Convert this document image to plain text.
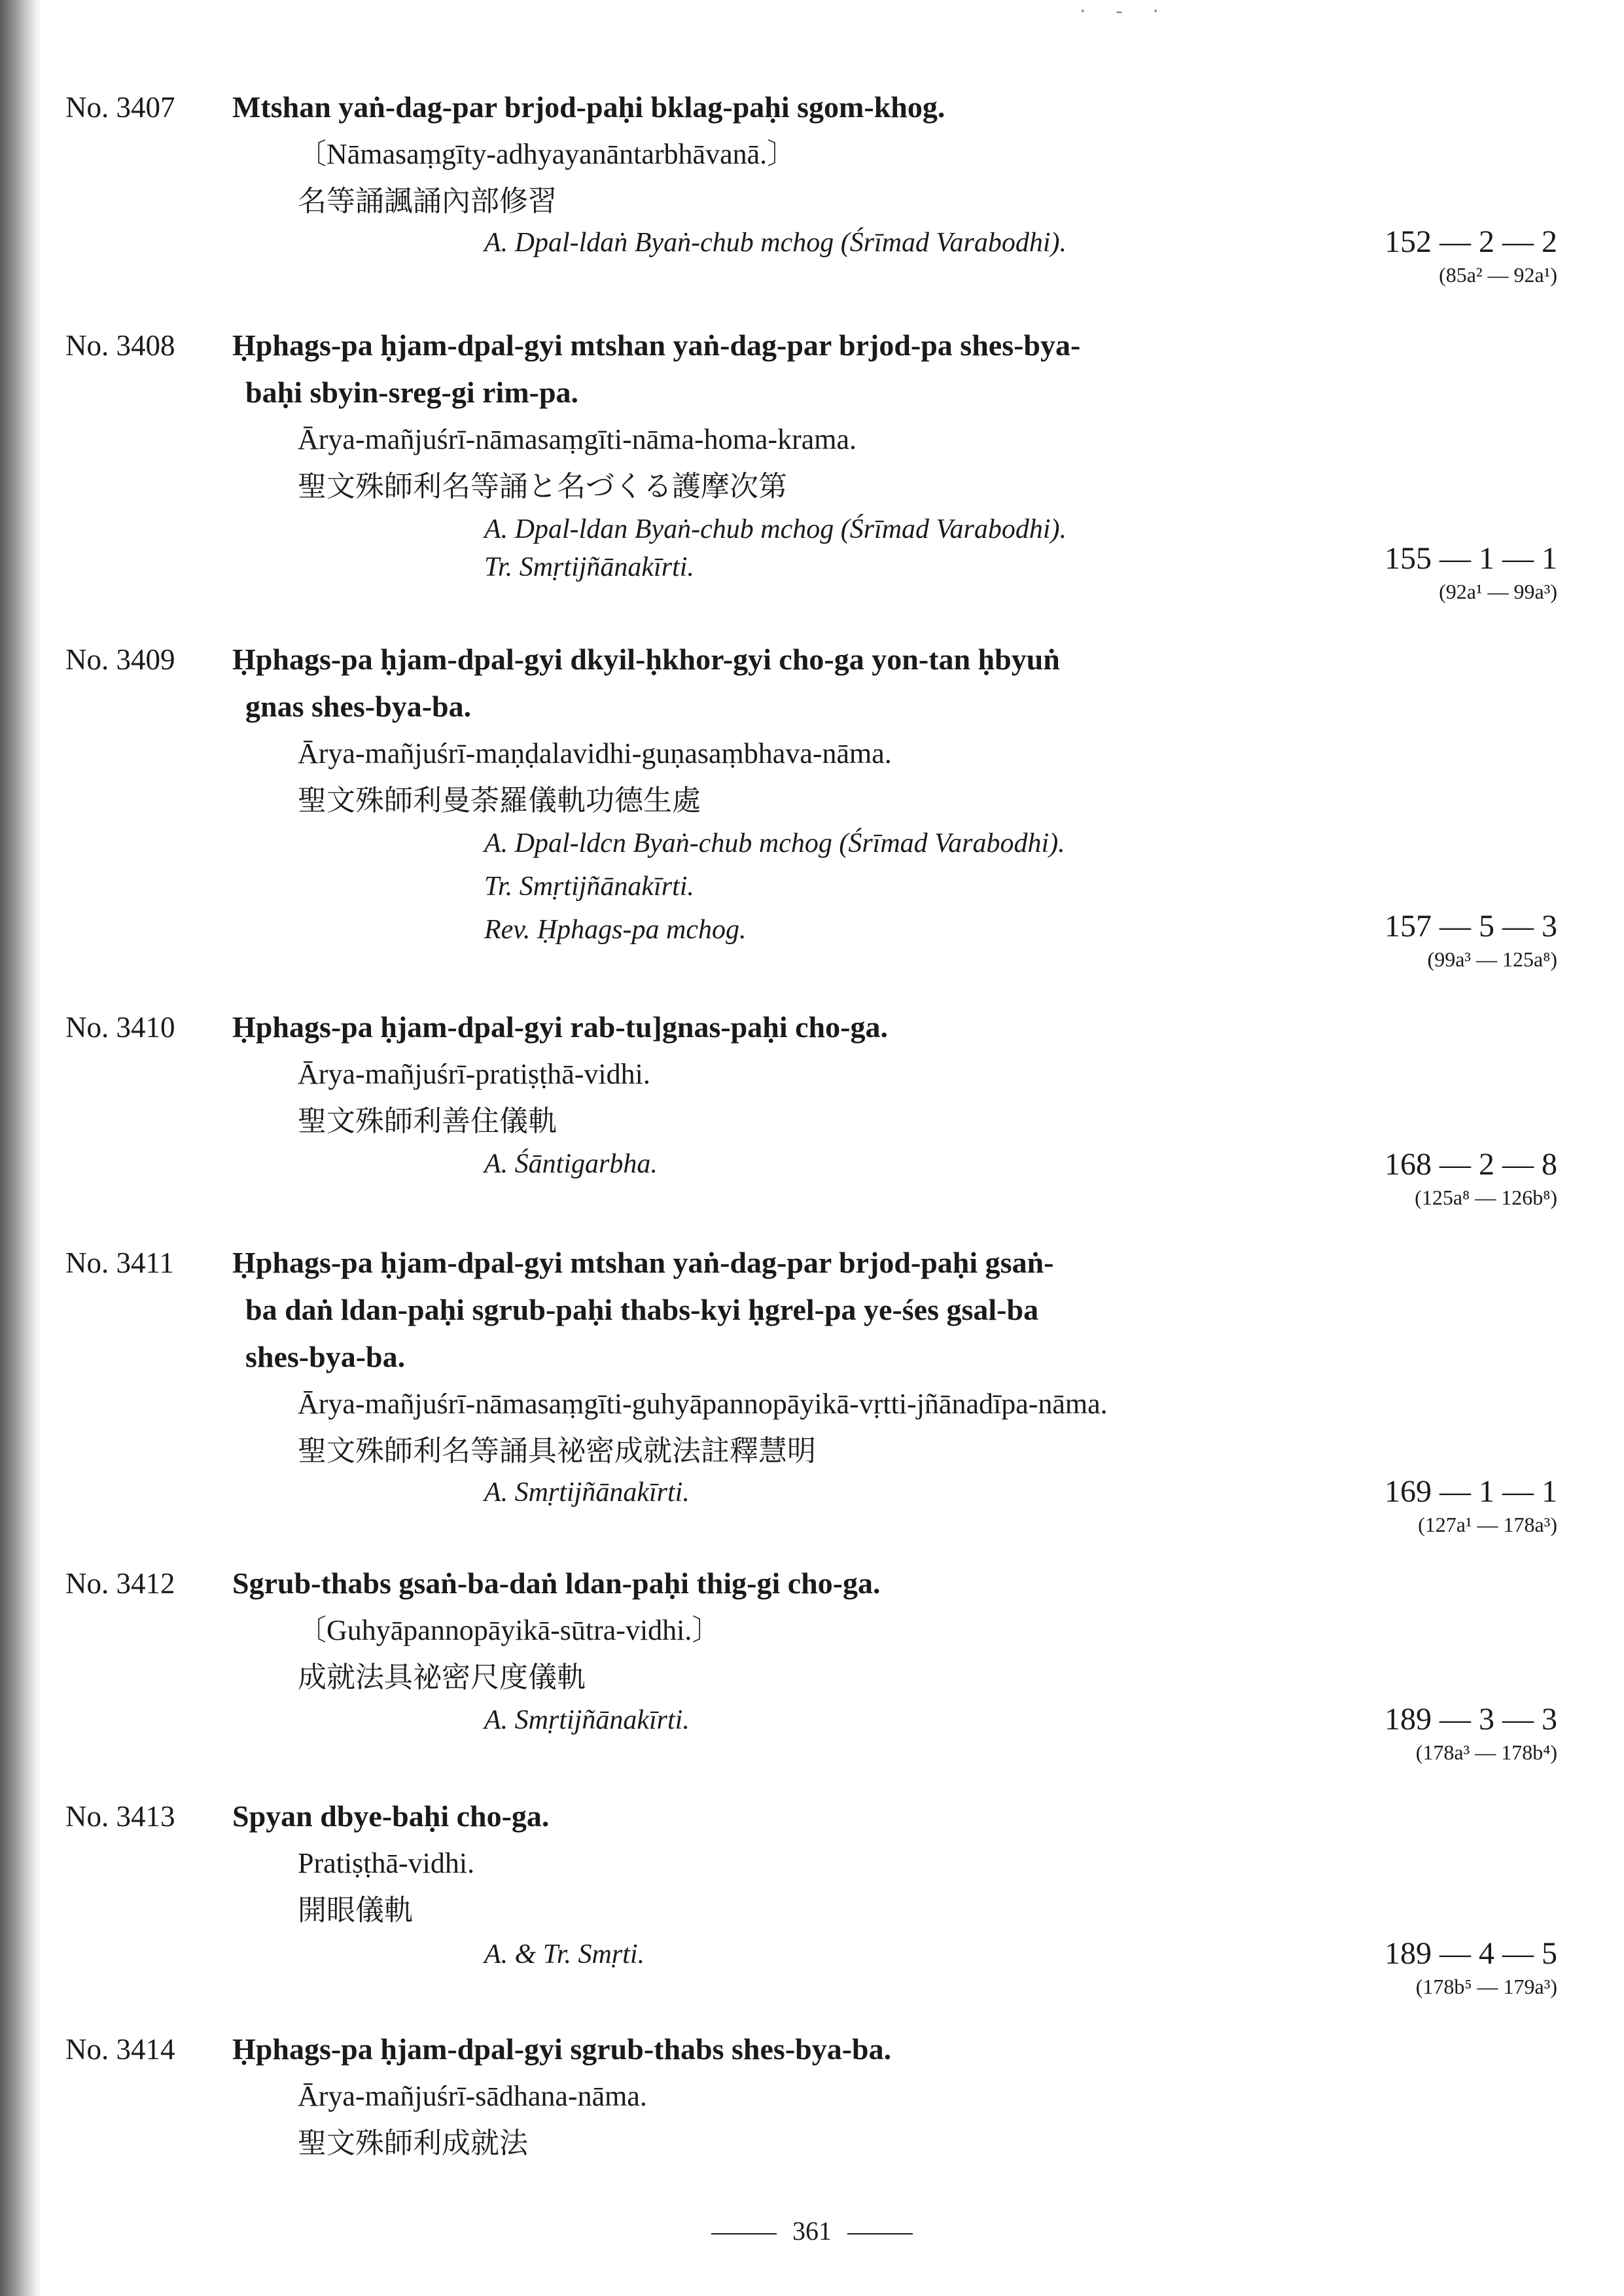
· - ·
No. 3407 Mtshan yaṅ-dag-par brjod-paḥi bklag-paḥi sgom-khog.
〔Nāmasaṃgīty-adhyayanāntarbhāvanā.〕
名等誦諷誦內部修習
A. Dpal-ldaṅ Byaṅ-chub mchog (Śrīmad Varabodhi).	152 — 2 — 2
(85a² — 92a¹)
No. 3408 Ḥphags-pa ḥjam-dpal-gyi mtshan yaṅ-dag-par brjod-pa shes-bya-
baḥi sbyin-sreg-gi rim-pa.
Ārya-mañjuśrī-nāmasaṃgīti-nāma-homa-krama.
聖文殊師利名等誦と名づくる護摩次第
A. Dpal-ldan Byaṅ-chub mchog (Śrīmad Varabodhi).
Tr. Smṛtijñānakīrti.	155 — 1 — 1
(92a¹ — 99a³)
No. 3409 Ḥphags-pa ḥjam-dpal-gyi dkyil-ḥkhor-gyi cho-ga yon-tan ḥbyuṅ
gnas shes-bya-ba.
Ārya-mañjuśrī-maṇḍalavidhi-guṇasaṃbhava-nāma.
聖文殊師利曼荼羅儀軌功德生處
A. Dpal-ldcn Byaṅ-chub mchog (Śrīmad Varabodhi).
Tr. Smṛtijñānakīrti.
Rev. Ḥphags-pa mchog.	157 — 5 — 3
(99a³ — 125a⁸)
No. 3410 Ḥphags-pa ḥjam-dpal-gyi rab-tu]gnas-paḥi cho-ga.
Ārya-mañjuśrī-pratiṣṭhā-vidhi.
聖文殊師利善住儀軌
A. Śāntigarbha.	168 — 2 — 8
(125a⁸ — 126b⁸)
No. 3411 Ḥphags-pa ḥjam-dpal-gyi mtshan yaṅ-dag-par brjod-paḥi gsaṅ-
ba daṅ ldan-paḥi sgrub-paḥi thabs-kyi ḥgrel-pa ye-śes gsal-ba
shes-bya-ba.
Ārya-mañjuśrī-nāmasaṃgīti-guhyāpannopāyikā-vṛtti-jñānadīpa-nāma.
聖文殊師利名等誦具祕密成就法註釋慧明
A. Smṛtijñānakīrti.	169 — 1 — 1
(127a¹ — 178a³)
No. 3412 Sgrub-thabs gsaṅ-ba-daṅ ldan-paḥi thig-gi cho-ga.
〔Guhyāpannopāyikā-sūtra-vidhi.〕
成就法具祕密尺度儀軌
A. Smṛtijñānakīrti.	189 — 3 — 3
(178a³ — 178b⁴)
No. 3413 Spyan dbye-baḥi cho-ga.
Pratiṣṭhā-vidhi.
開眼儀軌
A. & Tr. Smṛti.	189 — 4 — 5
(178b⁵ — 179a³)
No. 3414 Ḥphags-pa ḥjam-dpal-gyi sgrub-thabs shes-bya-ba.
Ārya-mañjuśrī-sādhana-nāma.
聖文殊師利成就法
361
